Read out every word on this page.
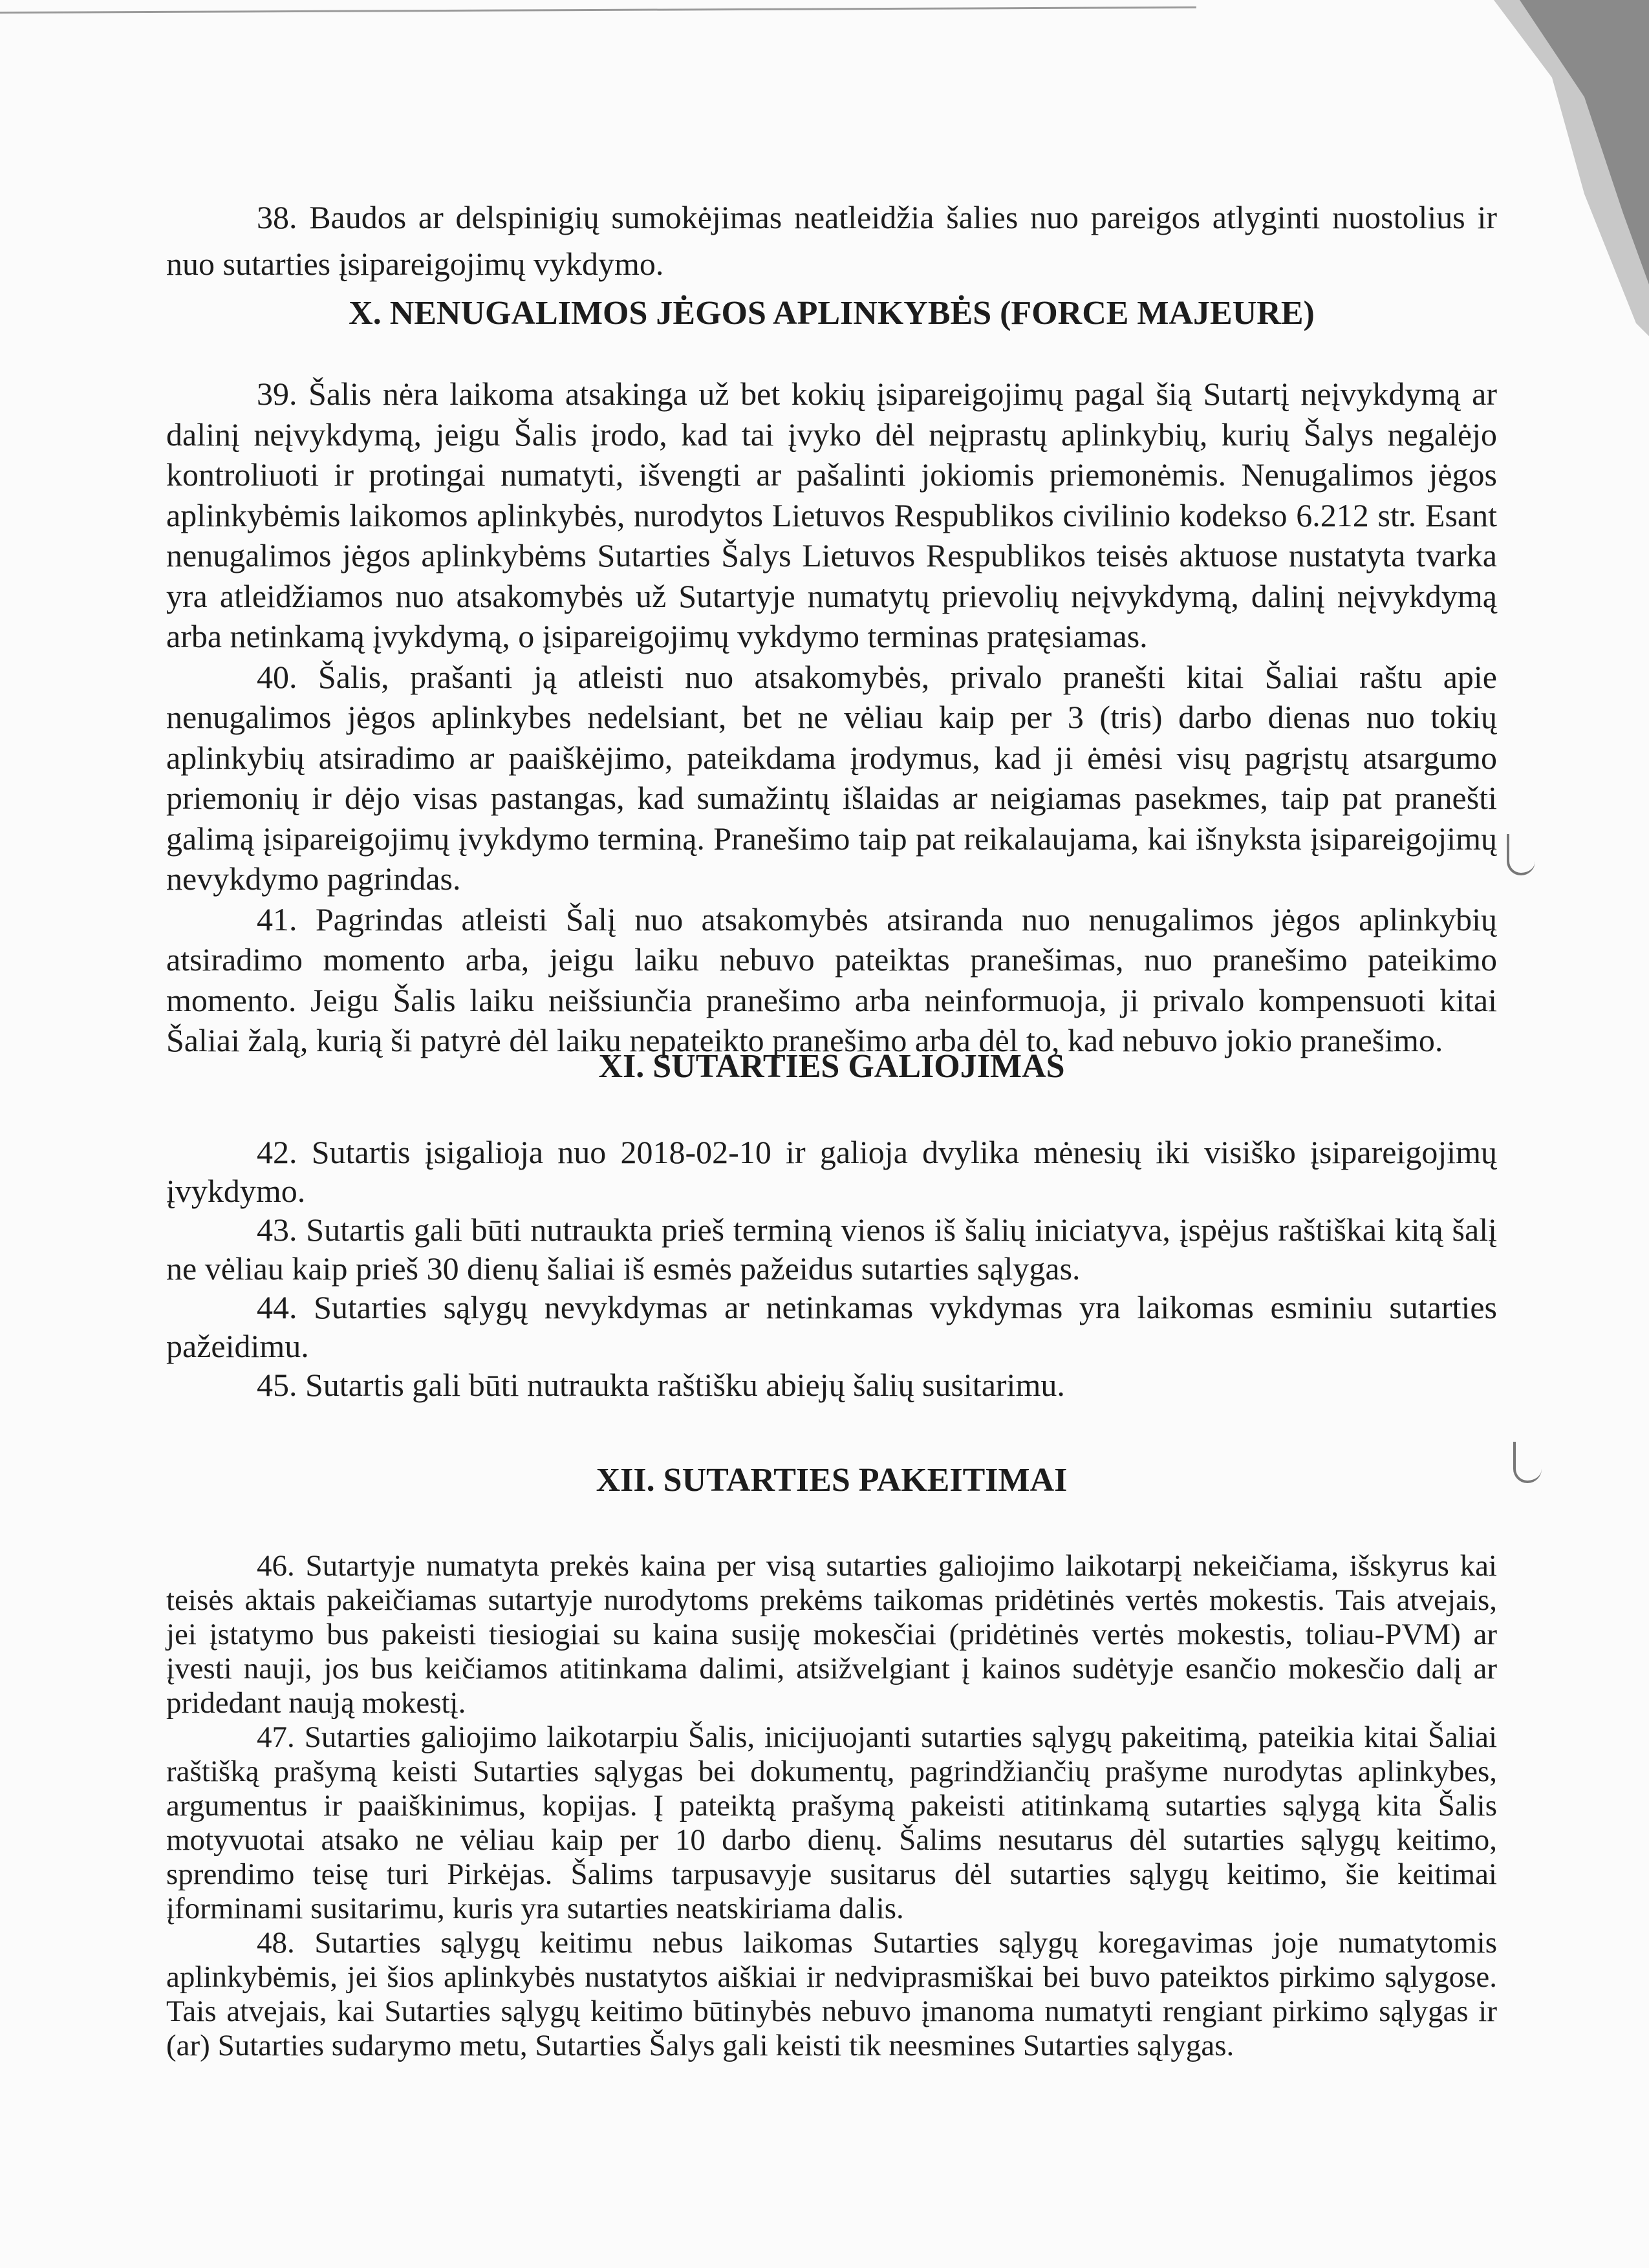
38. Baudos ar delspinigių sumokėjimas neatleidžia šalies nuo pareigos atlyginti nuostolius ir nuo sutarties įsipareigojimų vykdymo.

X. NENUGALIMOS JĖGOS APLINKYBĖS (FORCE MAJEURE)

39. Šalis nėra laikoma atsakinga už bet kokių įsipareigojimų pagal šią Sutartį neįvykdymą ar dalinį neįvykdymą, jeigu Šalis įrodo, kad tai įvyko dėl neįprastų aplinkybių, kurių Šalys negalėjo kontroliuoti ir protingai numatyti, išvengti ar pašalinti jokiomis priemonėmis. Nenugalimos jėgos aplinkybėmis laikomos aplinkybės, nurodytos Lietuvos Respublikos civilinio kodekso 6.212 str. Esant nenugalimos jėgos aplinkybėms Sutarties Šalys Lietuvos Respublikos teisės aktuose nustatyta tvarka yra atleidžiamos nuo atsakomybės už Sutartyje numatytų prievolių neįvykdymą, dalinį neįvykdymą arba netinkamą įvykdymą, o įsipareigojimų vykdymo terminas pratęsiamas.

40. Šalis, prašanti ją atleisti nuo atsakomybės, privalo pranešti kitai Šaliai raštu apie nenugalimos jėgos aplinkybes nedelsiant, bet ne vėliau kaip per 3 (tris) darbo dienas nuo tokių aplinkybių atsiradimo ar paaiškėjimo, pateikdama įrodymus, kad ji ėmėsi visų pagrįstų atsargumo priemonių ir dėjo visas pastangas, kad sumažintų išlaidas ar neigiamas pasekmes, taip pat pranešti galimą įsipareigojimų įvykdymo terminą. Pranešimo taip pat reikalaujama, kai išnyksta įsipareigojimų nevykdymo pagrindas.

41. Pagrindas atleisti Šalį nuo atsakomybės atsiranda nuo nenugalimos jėgos aplinkybių atsiradimo momento arba, jeigu laiku nebuvo pateiktas pranešimas, nuo pranešimo pateikimo momento. Jeigu Šalis laiku neišsiunčia pranešimo arba neinformuoja, ji privalo kompensuoti kitai Šaliai žalą, kurią ši patyrė dėl laiku nepateikto pranešimo arba dėl to, kad nebuvo jokio pranešimo.

XI. SUTARTIES GALIOJIMAS

42. Sutartis įsigalioja nuo 2018-02-10 ir galioja dvylika mėnesių iki visiško įsipareigojimų įvykdymo.

43. Sutartis gali būti nutraukta prieš terminą vienos iš šalių iniciatyva, įspėjus raštiškai kitą šalį ne vėliau kaip prieš 30 dienų šaliai iš esmės pažeidus sutarties sąlygas.

44. Sutarties sąlygų nevykdymas ar netinkamas vykdymas yra laikomas esminiu sutarties pažeidimu.

45. Sutartis gali būti nutraukta raštišku abiejų šalių susitarimu.

XII. SUTARTIES PAKEITIMAI

46. Sutartyje numatyta prekės kaina per visą sutarties galiojimo laikotarpį nekeičiama, išskyrus kai teisės aktais pakeičiamas sutartyje nurodytoms prekėms taikomas pridėtinės vertės mokestis. Tais atvejais, jei įstatymo bus pakeisti tiesiogiai su kaina susiję mokesčiai (pridėtinės vertės mokestis, toliau-PVM) ar įvesti nauji, jos bus keičiamos atitinkama dalimi, atsižvelgiant į kainos sudėtyje esančio mokesčio dalį ar pridedant naują mokestį.

47. Sutarties galiojimo laikotarpiu Šalis, inicijuojanti sutarties sąlygų pakeitimą, pateikia kitai Šaliai raštišką prašymą keisti Sutarties sąlygas bei dokumentų, pagrindžiančių prašyme nurodytas aplinkybes, argumentus ir paaiškinimus, kopijas. Į pateiktą prašymą pakeisti atitinkamą sutarties sąlygą kita Šalis motyvuotai atsako ne vėliau kaip per 10 darbo dienų. Šalims nesutarus dėl sutarties sąlygų keitimo, sprendimo teisę turi Pirkėjas. Šalims tarpusavyje susitarus dėl sutarties sąlygų keitimo, šie keitimai įforminami susitarimu, kuris yra sutarties neatskiriama dalis.

48. Sutarties sąlygų keitimu nebus laikomas Sutarties sąlygų koregavimas joje numatytomis aplinkybėmis, jei šios aplinkybės nustatytos aiškiai ir nedviprasmiškai bei buvo pateiktos pirkimo sąlygose. Tais atvejais, kai Sutarties sąlygų keitimo būtinybės nebuvo įmanoma numatyti rengiant pirkimo sąlygas ir (ar) Sutarties sudarymo metu, Sutarties Šalys gali keisti tik neesmines Sutarties sąlygas.
